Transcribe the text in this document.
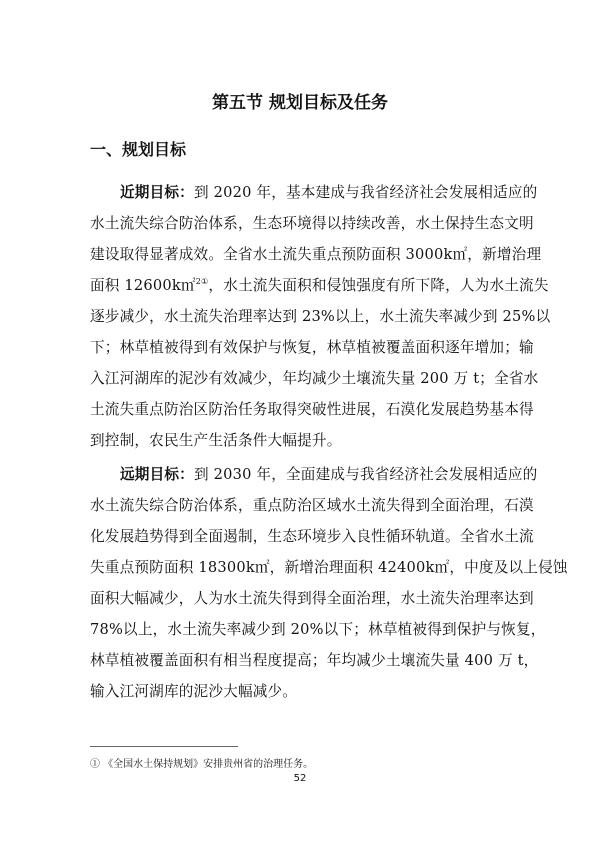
第五节 规划目标及任务
一、规划目标
近期目标：到 2020 年，基本建成与我省经济社会发展相适应的
水土流失综合防治体系，生态环境得以持续改善，水土保持生态文明
建设取得显著成效。全省水土流失重点预防面积 3000k㎡，新增治理
面积 12600k㎡$^{2①}$，水土流失面积和侵蚀强度有所下降，人为水土流失
逐步减少，水土流失治理率达到 23%以上，水土流失率减少到 25%以
下；林草植被得到有效保护与恢复，林草植被覆盖面积逐年增加；输
入江河湖库的泥沙有效减少，年均减少土壤流失量 200 万 t；全省水
土流失重点防治区防治任务取得突破性进展，石漠化发展趋势基本得
到控制，农民生产生活条件大幅提升。
远期目标：到 2030 年，全面建成与我省经济社会发展相适应的
水土流失综合防治体系，重点防治区域水土流失得到全面治理，石漠
化发展趋势得到全面遏制，生态环境步入良性循环轨道。全省水土流
失重点预防面积 18300k㎡，新增治理面积 42400k㎡，中度及以上侵蚀
面积大幅减少，人为水土流失得到得全面治理，水土流失治理率达到
78%以上，水土流失率减少到 20%以下；林草植被得到保护与恢复，
林草植被覆盖面积有相当程度提高；年均减少土壤流失量 400 万 t，
输入江河湖库的泥沙大幅减少。
① 《全国水土保持规划》安排贵州省的治理任务。
52
